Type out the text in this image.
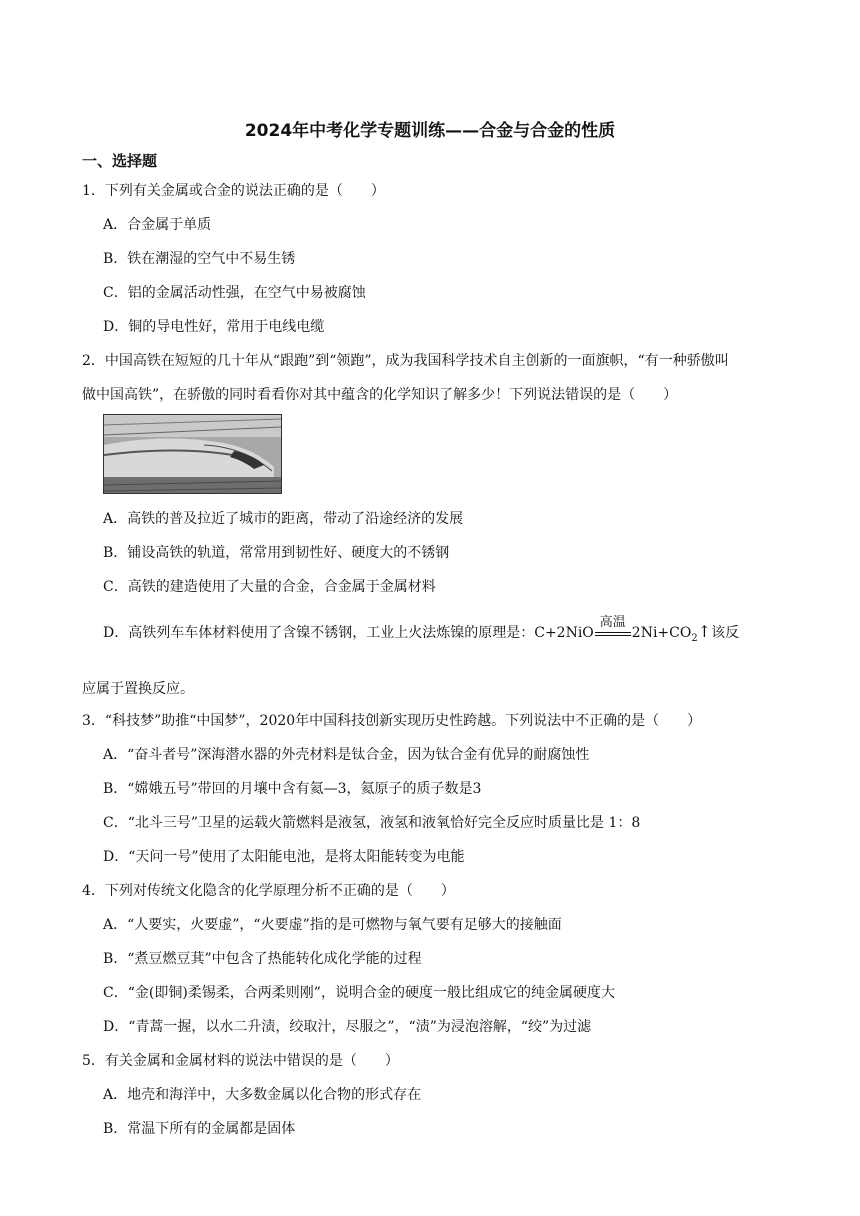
2024年中考化学专题训练——合金与合金的性质
一、选择题
1．下列有关金属或合金的说法正确的是（　　）
A．合金属于单质
B．铁在潮湿的空气中不易生锈
C．铝的金属活动性强，在空气中易被腐蚀
D．铜的导电性好，常用于电线电缆
2．中国高铁在短短的几十年从“跟跑”到“领跑”，成为我国科学技术自主创新的一面旗帜，“有一种骄傲叫
做中国高铁”，在骄傲的同时看看你对其中蕴含的化学知识了解多少！下列说法错误的是（　　）
A．高铁的普及拉近了城市的距离，带动了沿途经济的发展
B．铺设高铁的轨道，常常用到韧性好、硬度大的不锈钢
C．高铁的建造使用了大量的合金，合金属于金属材料
D．高铁列车车体材料使用了含镍不锈钢，工业上火法炼镍的原理是：C+2NiO
高温
$2Ni+CO_2↑$该反
应属于置换反应。
3．“科技梦”助推“中国梦”，2020年中国科技创新实现历史性跨越。下列说法中不正确的是（　　）
A．“奋斗者号”深海潜水器的外壳材料是钛合金，因为钛合金有优异的耐腐蚀性
B．“嫦娥五号”带回的月壤中含有氦—3，氦原子的质子数是3
C．“北斗三号”卫星的运载火箭燃料是液氢，液氢和液氧恰好完全反应时质量比是 1：8
D．“天问一号”使用了太阳能电池，是将太阳能转变为电能
4．下列对传统文化隐含的化学原理分析不正确的是（　　）
A．“人要实，火要虚”，“火要虚”指的是可燃物与氧气要有足够大的接触面
B．“煮豆燃豆萁”中包含了热能转化成化学能的过程
C．“金(即铜)柔锡柔，合两柔则刚”，说明合金的硬度一般比组成它的纯金属硬度大
D．“青蒿一握，以水二升渍，绞取汁，尽服之”，“渍”为浸泡溶解，“绞”为过滤
5．有关金属和金属材料的说法中错误的是（　　）
A．地壳和海洋中，大多数金属以化合物的形式存在
B．常温下所有的金属都是固体
